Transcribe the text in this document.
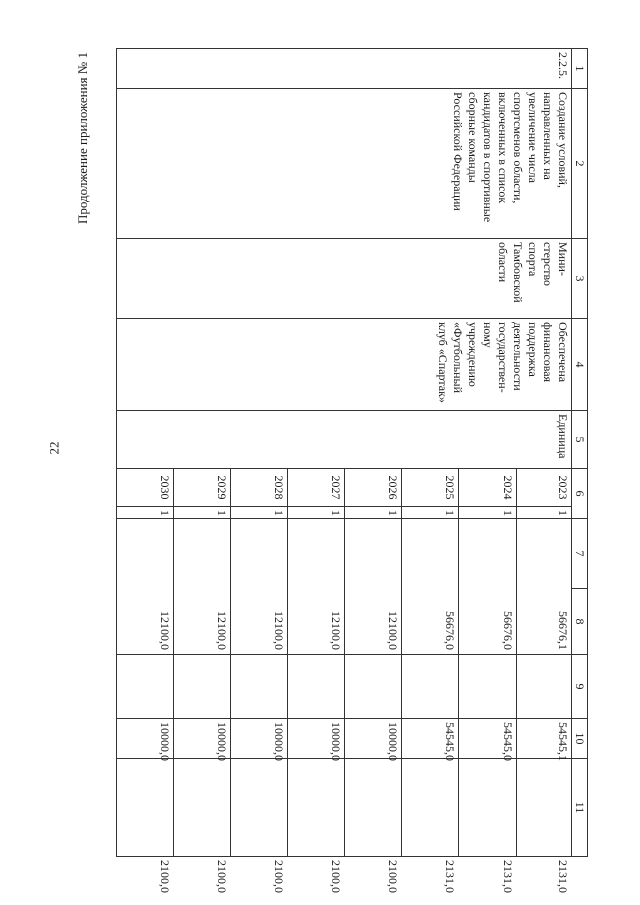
22
Продолжение приложения № 1	1	2	3	4	5	6		7	8	9	10	11	
2.2.5.	Создание условий, направленных на увеличение числа спортсменов области, включенных в список кандидатов в спортивные сборные команды Российской Федерации	Мини-стерство спорта Тамбовской области	Обеспечена финансовая поддержка деятельности государствен-ному учреждению «Футбольный клуб «Спартак»	Единица								
					2023	1	56676,1			54545,1		2131,0
					2024	1	56676,0			54545,0		2131,0
					2025	1	56676,0			54545,0		2131,0
					2026	1	12100,0			10000,0		2100,0
					2027	1	12100,0			10000,0		2100,0
					2028	1	12100,0			10000,0		2100,0
					2029	1	12100,0			10000,0		2100,0
					2030	1	12100,0			10000,0		2100,0
